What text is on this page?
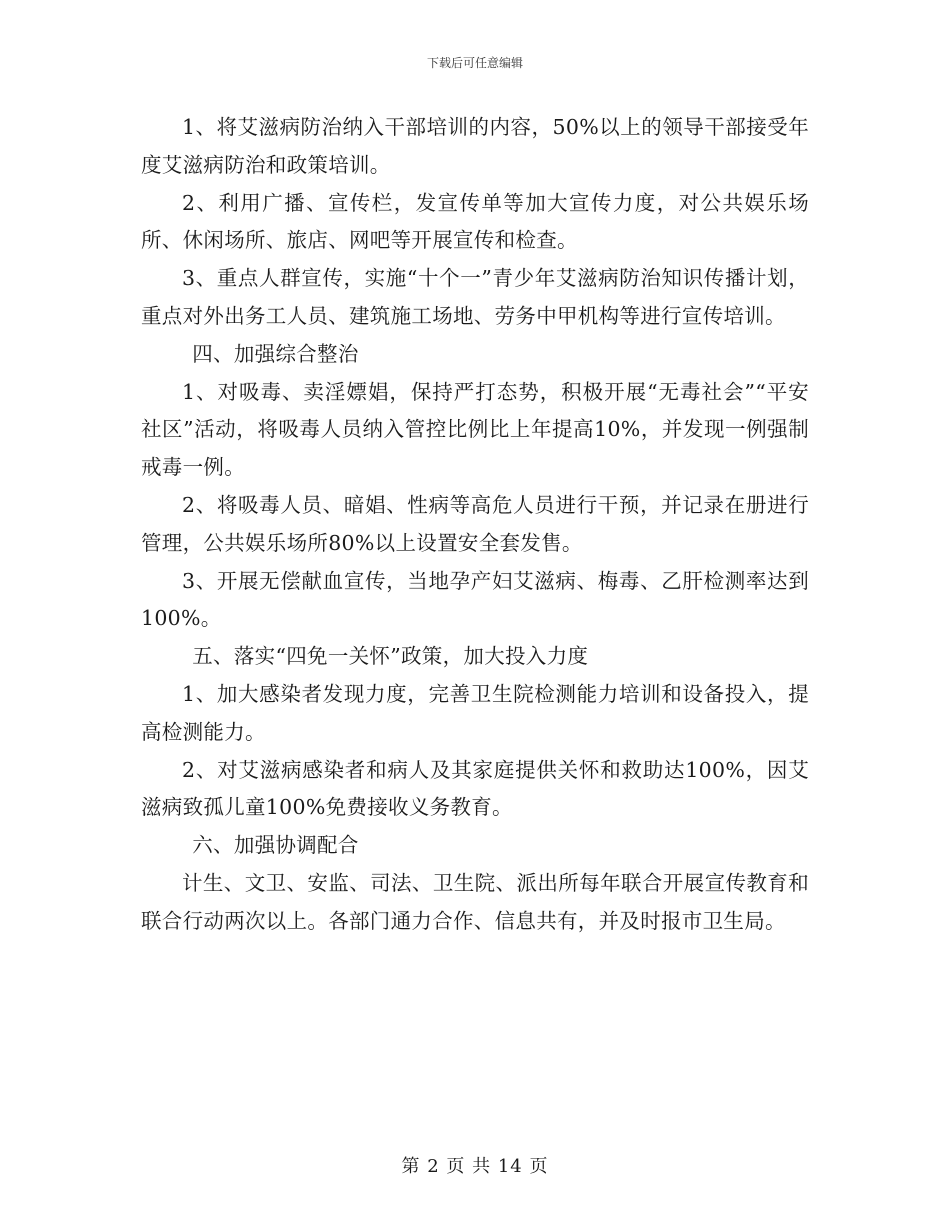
下载后可任意编辑

1、将艾滋病防治纳入干部培训的内容，50%以上的领导干部接受年度艾滋病防治和政策培训。

2、利用广播、宣传栏，发宣传单等加大宣传力度，对公共娱乐场所、休闲场所、旅店、网吧等开展宣传和检查。

3、重点人群宣传，实施“十个一”青少年艾滋病防治知识传播计划，重点对外出务工人员、建筑施工场地、劳务中甲机构等进行宣传培训。

四、加强综合整治

1、对吸毒、卖淫嫖娼，保持严打态势，积极开展“无毒社会”“平安社区”活动，将吸毒人员纳入管控比例比上年提高10%，并发现一例强制戒毒一例。

2、将吸毒人员、暗娼、性病等高危人员进行干预，并记录在册进行管理，公共娱乐场所80%以上设置安全套发售。

3、开展无偿献血宣传，当地孕产妇艾滋病、梅毒、乙肝检测率达到100%。

五、落实“四免一关怀”政策，加大投入力度

1、加大感染者发现力度，完善卫生院检测能力培训和设备投入，提高检测能力。

2、对艾滋病感染者和病人及其家庭提供关怀和救助达100%，因艾滋病致孤儿童100%免费接收义务教育。

六、加强协调配合

计生、文卫、安监、司法、卫生院、派出所每年联合开展宣传教育和联合行动两次以上。各部门通力合作、信息共有，并及时报市卫生局。

第 2 页 共 14 页
